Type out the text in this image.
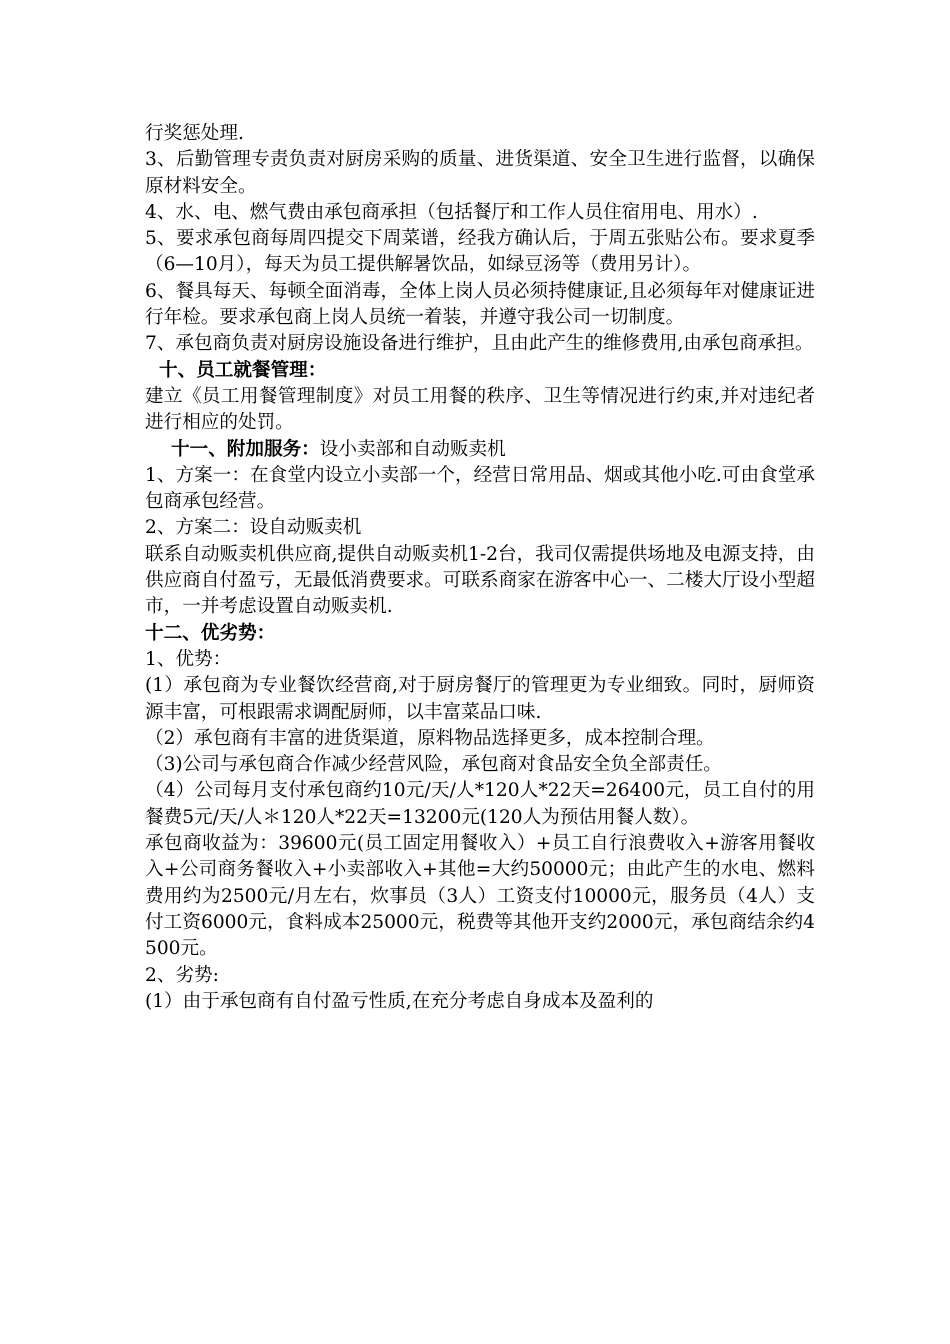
行奖惩处理.

3、后勤管理专责负责对厨房采购的质量、进货渠道、安全卫生进行监督，以确保原材料安全。

4、水、电、燃气费由承包商承担（包括餐厅和工作人员住宿用电、用水）.

5、要求承包商每周四提交下周菜谱，经我方确认后，于周五张贴公布。要求夏季（6—10月），每天为员工提供解暑饮品，如绿豆汤等（费用另计）。

6、餐具每天、每顿全面消毒，全体上岗人员必须持健康证,且必须每年对健康证进行年检。要求承包商上岗人员统一着装，并遵守我公司一切制度。

7、承包商负责对厨房设施设备进行维护，且由此产生的维修费用,由承包商承担。

十、员工就餐管理：

建立《员工用餐管理制度》对员工用餐的秩序、卫生等情况进行约束,并对违纪者进行相应的处罚。

十一、附加服务：设小卖部和自动贩卖机

1、方案一：在食堂内设立小卖部一个，经营日常用品、烟或其他小吃.可由食堂承包商承包经营。

2、方案二：设自动贩卖机

联系自动贩卖机供应商,提供自动贩卖机1-2台，我司仅需提供场地及电源支持，由供应商自付盈亏，无最低消费要求。可联系商家在游客中心一、二楼大厅设小型超市，一并考虑设置自动贩卖机.

十二、优劣势：

1、优势：

(1）承包商为专业餐饮经营商,对于厨房餐厅的管理更为专业细致。同时，厨师资源丰富，可根跟需求调配厨师，以丰富菜品口味.

（2）承包商有丰富的进货渠道，原料物品选择更多，成本控制合理。

（3)公司与承包商合作减少经营风险，承包商对食品安全负全部责任。

（4）公司每月支付承包商约10元/天/人*120人*22天=26400元，员工自付的用餐费5元/天/人＊120人*22天=13200元(120人为预估用餐人数）。

承包商收益为：39600元(员工固定用餐收入）+员工自行浪费收入+游客用餐收入+公司商务餐收入+小卖部收入+其他=大约50000元；由此产生的水电、燃料费用约为2500元/月左右，炊事员（3人）工资支付10000元，服务员（4人）支付工资6000元，食料成本25000元，税费等其他开支约2000元，承包商结余约4500元。

2、劣势:

(1）由于承包商有自付盈亏性质,在充分考虑自身成本及盈利的
